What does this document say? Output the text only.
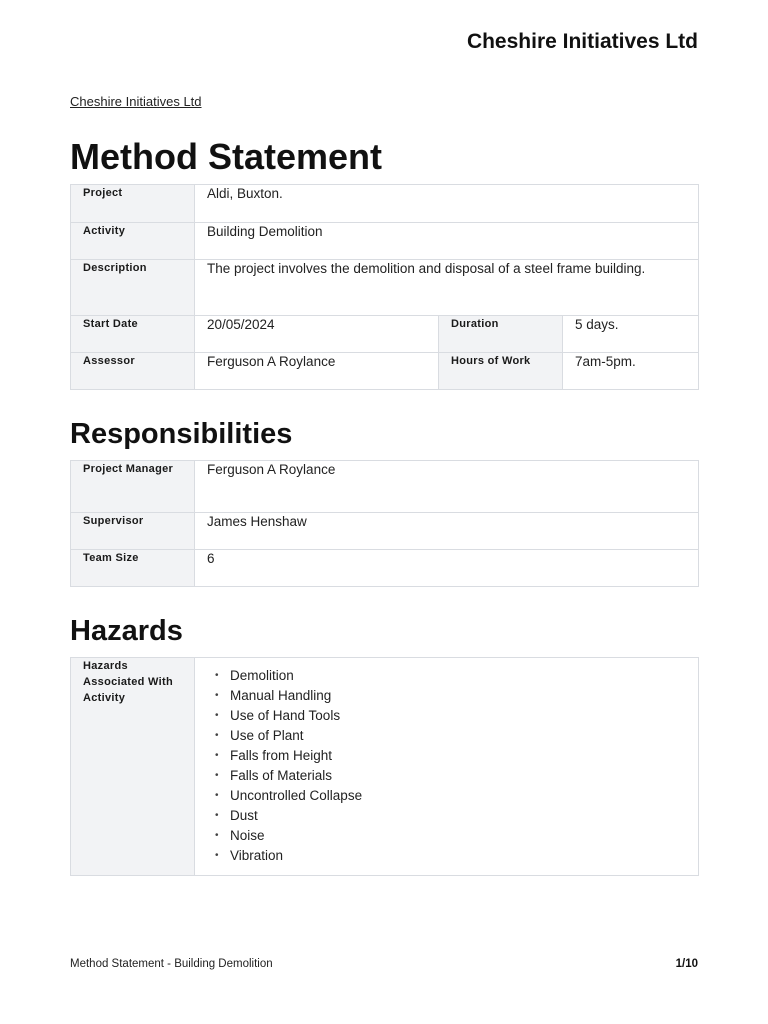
Cheshire Initiatives Ltd
Cheshire Initiatives Ltd
Method Statement
Project	Aldi, Buxton.		
Activity	Building Demolition		
Description	The project involves the demolition and disposal of a steel frame building.		
Start Date	20/05/2024	Duration	5 days.
Assessor	Ferguson A Roylance	Hours of Work	7am-5pm.
Responsibilities
Project Manager	Ferguson A Roylance
Supervisor	James Henshaw
Team Size	6
Hazards
Hazards Associated With Activity	
• Demolition
• Manual Handling
• Use of Hand Tools
• Use of Plant
• Falls from Height
• Falls of Materials
• Uncontrolled Collapse
• Dust
• Noise
• Vibration
Method Statement - Building Demolition	1/10
